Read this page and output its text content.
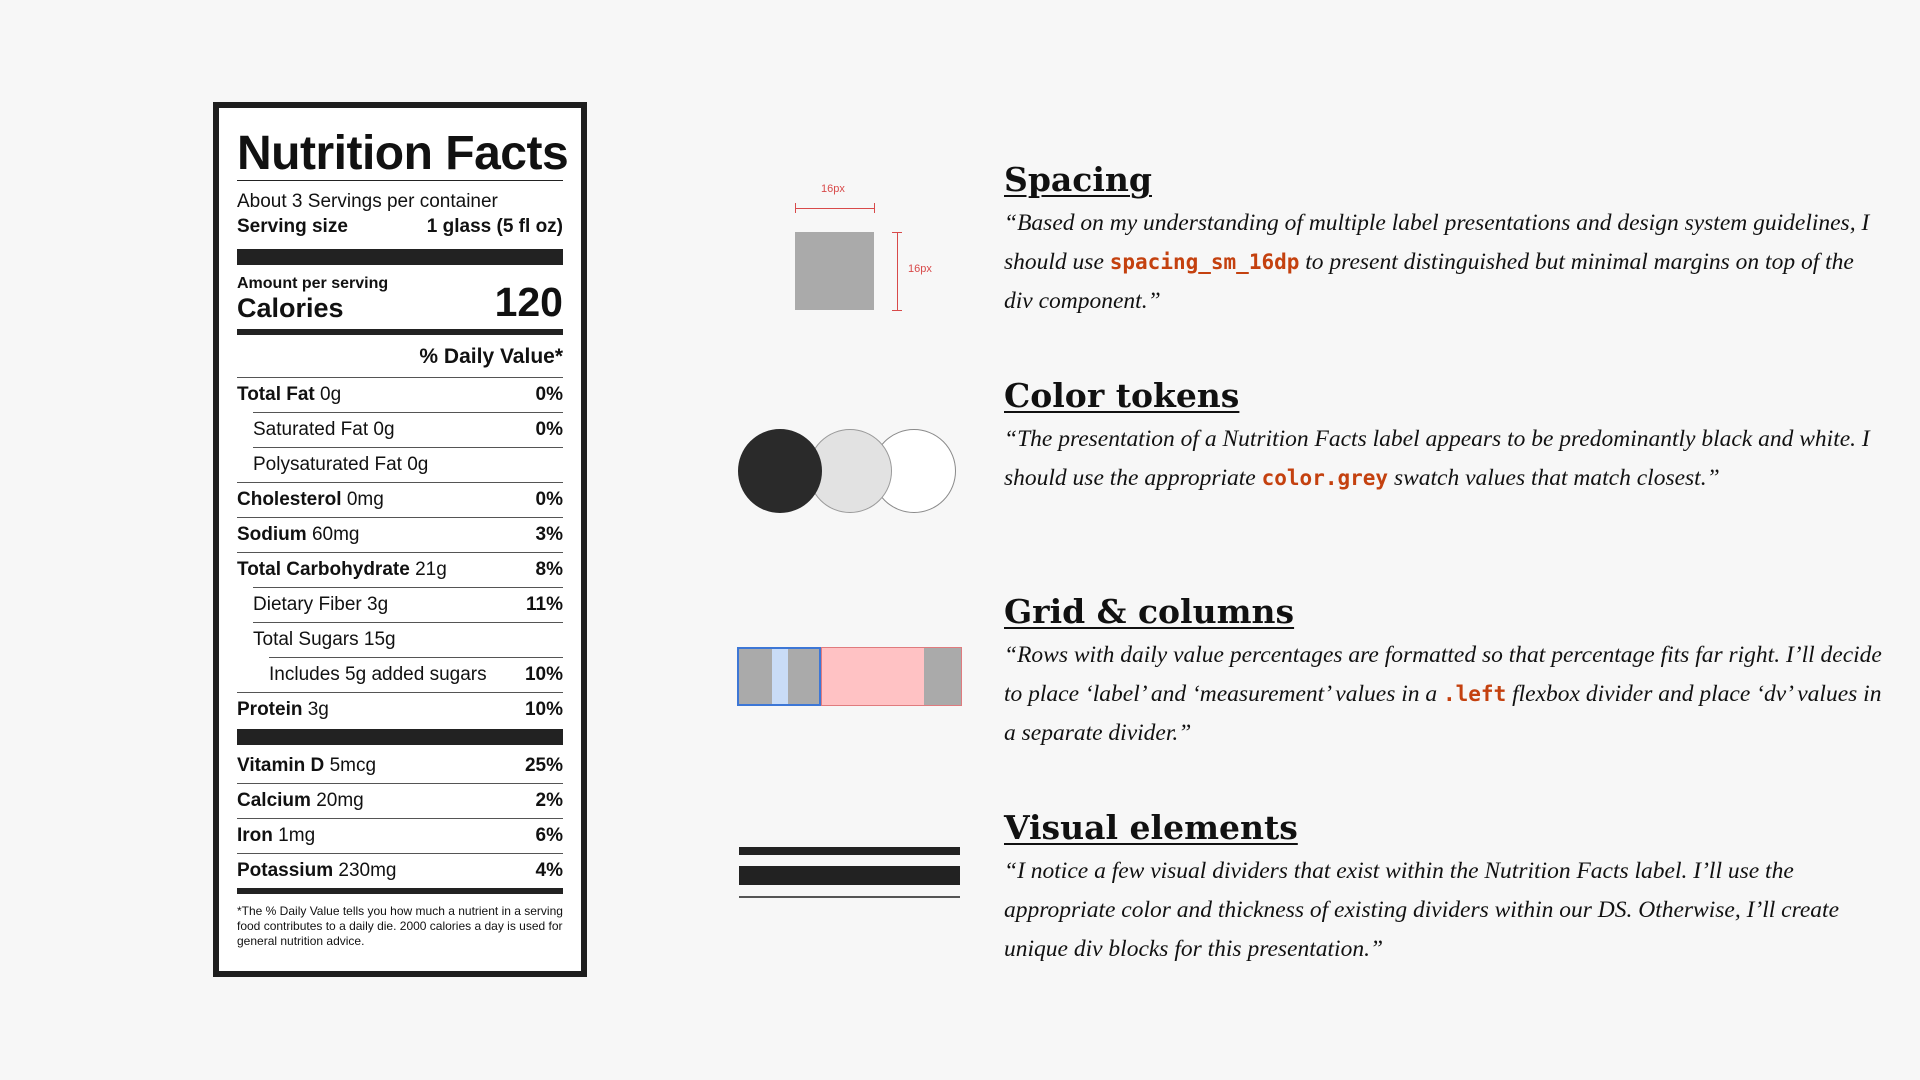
Nutrition Facts
About 3 Servings per container
Serving size	1 glass (5 fl oz)
Amount per serving
Calories	120
% Daily Value*
Total Fat 0g	0%
Saturated Fat 0g	0%
Polysaturated Fat 0g
Cholesterol 0mg	0%
Sodium 60mg	3%
Total Carbohydrate 21g	8%
Dietary Fiber 3g	11%
Total Sugars 15g
Includes 5g added sugars 10%
Protein 3g	10%
Vitamin D 5mcg	25%
Calcium 20mg	2%
Iron 1mg	6%
Potassium 230mg	4%
*The % Daily Value tells you how much a nutrient in a serving food contributes to a daily die. 2000 calories a day is used for general nutrition advice.
16px
16px
Spacing

“Based on my understanding of multiple label presentations and design system guidelines, I should use spacing_sm_16dp to present distinguished but minimal margins on top of the div component.”

Color tokens

“The presentation of a Nutrition Facts label appears to be predominantly black and white. I should use the appropriate color.grey swatch values that match closest.”

Grid & columns

“Rows with daily value percentages are formatted so that percentage fits far right. I’ll decide to place ‘label’ and ‘measurement’ values in a .left flexbox divider and place ‘dv’ values in a separate divider.”

Visual elements

“I notice a few visual dividers that exist within the Nutrition Facts label. I’ll use the appropriate color and thickness of existing dividers within our DS. Otherwise, I’ll create unique div blocks for this presentation.”
